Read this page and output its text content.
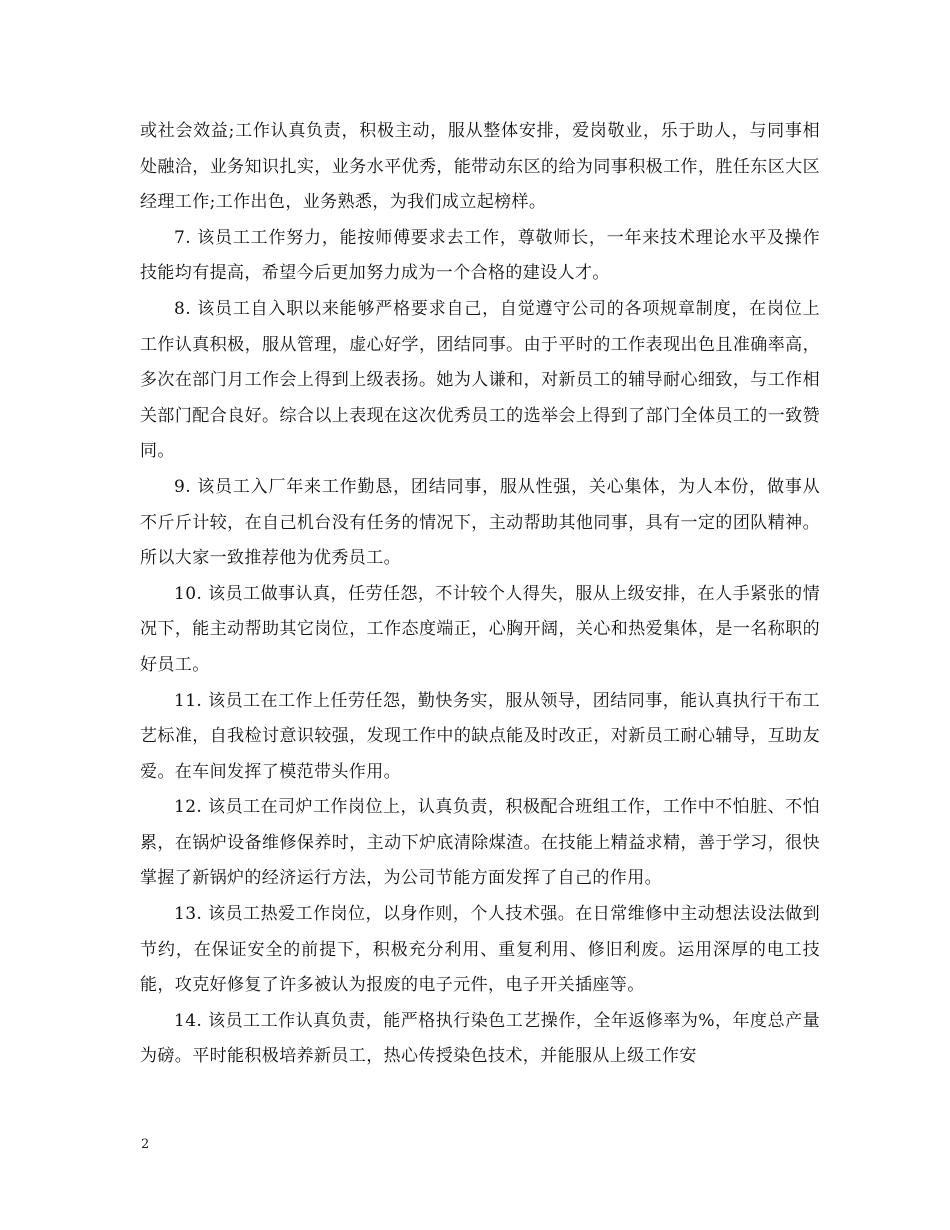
或社会效益;工作认真负责，积极主动，服从整体安排，爱岗敬业，乐于助人，与同事相处融洽，业务知识扎实，业务水平优秀，能带动东区的给为同事积极工作，胜任东区大区经理工作;工作出色，业务熟悉，为我们成立起榜样。

7. 该员工工作努力，能按师傅要求去工作，尊敬师长，一年来技术理论水平及操作技能均有提高，希望今后更加努力成为一个合格的建设人才。

8. 该员工自入职以来能够严格要求自己，自觉遵守公司的各项规章制度，在岗位上工作认真积极，服从管理，虚心好学，团结同事。由于平时的工作表现出色且准确率高，多次在部门月工作会上得到上级表扬。她为人谦和，对新员工的辅导耐心细致，与工作相关部门配合良好。综合以上表现在这次优秀员工的选举会上得到了部门全体员工的一致赞同。

9. 该员工入厂年来工作勤恳，团结同事，服从性强，关心集体，为人本份，做事从不斤斤计较，在自己机台没有任务的情况下，主动帮助其他同事，具有一定的团队精神。所以大家一致推荐他为优秀员工。

10. 该员工做事认真，任劳任怨，不计较个人得失，服从上级安排，在人手紧张的情况下，能主动帮助其它岗位，工作态度端正，心胸开阔，关心和热爱集体，是一名称职的好员工。

11. 该员工在工作上任劳任怨，勤快务实，服从领导，团结同事，能认真执行干布工艺标准，自我检讨意识较强，发现工作中的缺点能及时改正，对新员工耐心辅导，互助友爱。在车间发挥了模范带头作用。

12. 该员工在司炉工作岗位上，认真负责，积极配合班组工作，工作中不怕脏、不怕累，在锅炉设备维修保养时，主动下炉底清除煤渣。在技能上精益求精，善于学习，很快掌握了新锅炉的经济运行方法，为公司节能方面发挥了自己的作用。

13. 该员工热爱工作岗位，以身作则，个人技术强。在日常维修中主动想法设法做到节约，在保证安全的前提下，积极充分利用、重复利用、修旧利废。运用深厚的电工技能，攻克好修复了许多被认为报废的电子元件，电子开关插座等。

14. 该员工工作认真负责，能严格执行染色工艺操作，全年返修率为%，年度总产量为磅。平时能积极培养新员工，热心传授染色技术，并能服从上级工作安

2
